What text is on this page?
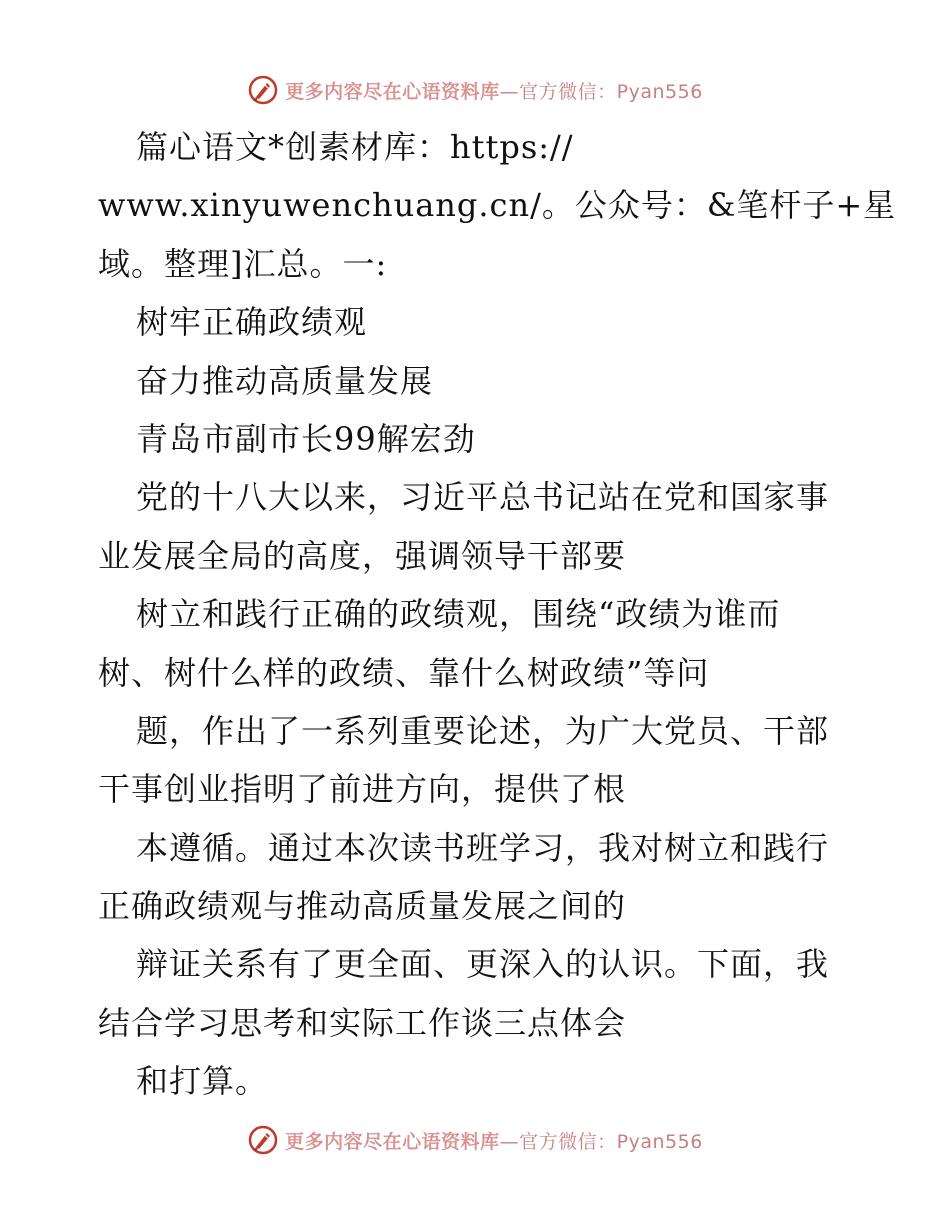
更多内容尽在心语资料库—官方微信：Pyan556
篇心语文*创素材库：https://
www.xinyuwenchuang.cn/。公众号：&笔杆子+星
域。整理]汇总。一:
树牢正确政绩观
奋力推动高质量发展
青岛市副市长99解宏劲
党的十八大以来，习近平总书记站在党和国家事
业发展全局的高度，强调领导干部要
树立和践行正确的政绩观，围绕“政绩为谁而
树、树什么样的政绩、靠什么树政绩”等问
题，作出了一系列重要论述，为广大党员、干部
干事创业指明了前进方向，提供了根
本遵循。通过本次读书班学习，我对树立和践行
正确政绩观与推动高质量发展之间的
辩证关系有了更全面、更深入的认识。下面，我
结合学习思考和实际工作谈三点体会
和打算。
更多内容尽在心语资料库—官方微信：Pyan556
